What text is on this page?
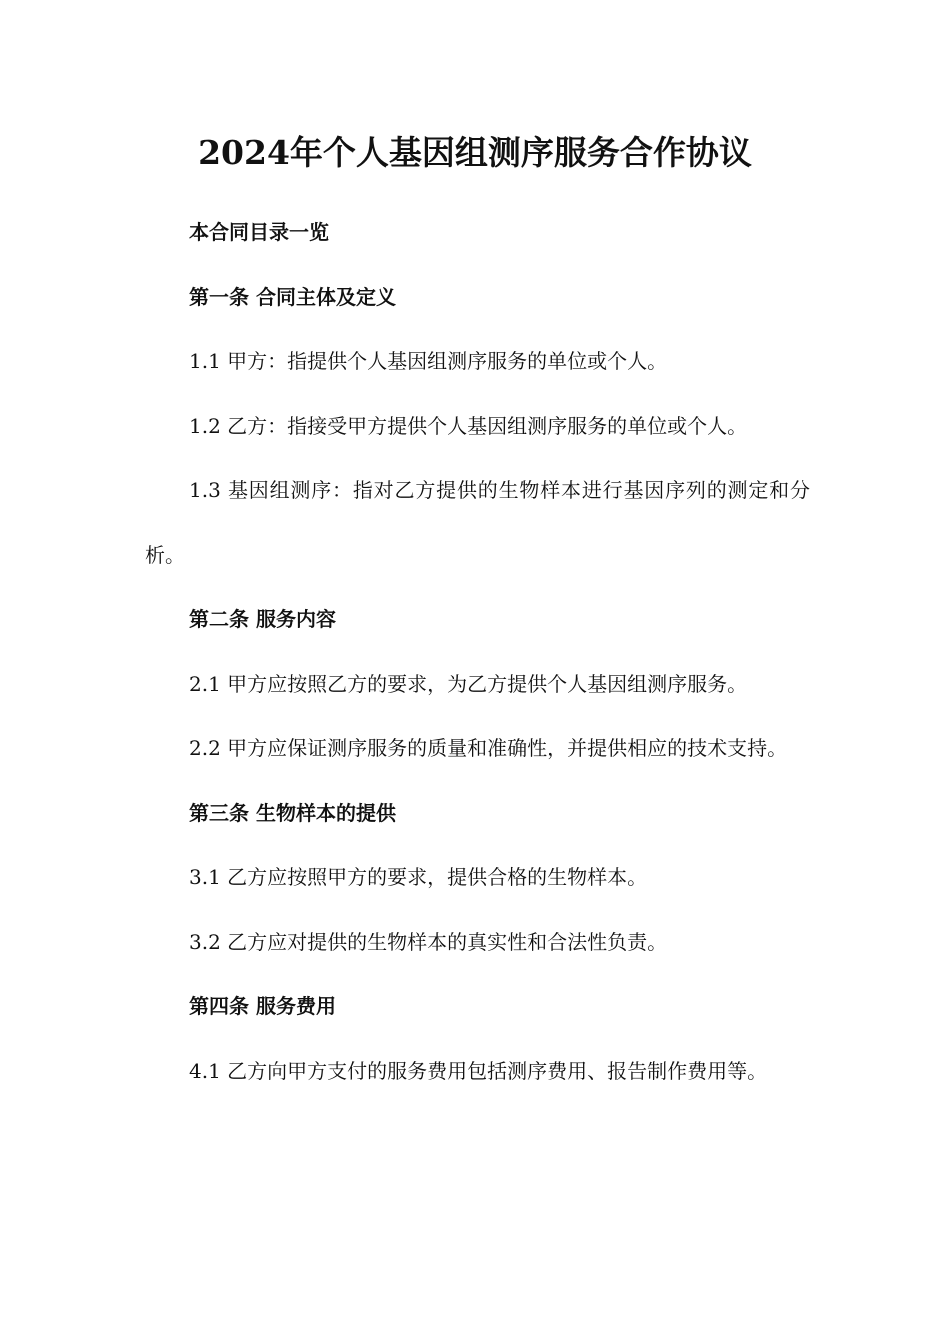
2024年个人基因组测序服务合作协议

本合同目录一览

第一条 合同主体及定义

1.1 甲方：指提供个人基因组测序服务的单位或个人。

1.2 乙方：指接受甲方提供个人基因组测序服务的单位或个人。

1.3 基因组测序：指对乙方提供的生物样本进行基因序列的测定和分析。

第二条 服务内容

2.1 甲方应按照乙方的要求，为乙方提供个人基因组测序服务。

2.2 甲方应保证测序服务的质量和准确性，并提供相应的技术支持。

第三条 生物样本的提供

3.1 乙方应按照甲方的要求，提供合格的生物样本。

3.2 乙方应对提供的生物样本的真实性和合法性负责。

第四条 服务费用

4.1 乙方向甲方支付的服务费用包括测序费用、报告制作费用等。
